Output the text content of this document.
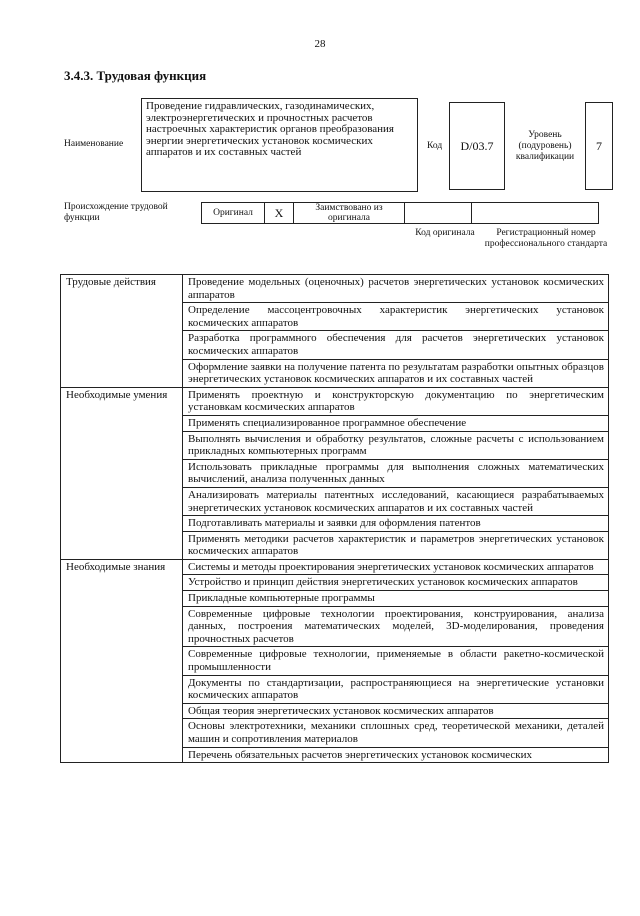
28
3.4.3. Трудовая функция
Наименование
Проведение гидравлических, газодинамических, электроэнергетических и прочностных расчетов настроечных характеристик органов преобразования энергии энергетических установок космических аппаратов и их составных частей
Код	D/03.7
Уровень (подуровень) квалификации
7
Происхождение трудовой функции	Оригинал	X	Заимствовано из оригинала		
Код оригинала	Регистрационный номер профессионального стандарта
Трудовые действия	Проведение модельных (оценочных) расчетов энергетических установок космических аппаратов
	Определение массоцентровочных характеристик энергетических установок космических аппаратов
	Разработка программного обеспечения для расчетов энергетических установок космических аппаратов
	Оформление заявки на получение патента по результатам разработки опытных образцов энергетических установок космических аппаратов и их составных частей
Необходимые умения	Применять проектную и конструкторскую документацию по энергетическим установкам космических аппаратов
	Применять специализированное программное обеспечение
	Выполнять вычисления и обработку результатов, сложные расчеты с использованием прикладных компьютерных программ
	Использовать прикладные программы для выполнения сложных математических вычислений, анализа полученных данных
	Анализировать материалы патентных исследований, касающиеся разрабатываемых энергетических установок космических аппаратов и их составных частей
	Подготавливать материалы и заявки для оформления патентов
	Применять методики расчетов характеристик и параметров энергетических установок космических аппаратов
Необходимые знания	Системы и методы проектирования энергетических установок космических аппаратов
	Устройство и принцип действия энергетических установок космических аппаратов
	Прикладные компьютерные программы
	Современные цифровые технологии проектирования, конструирования, анализа данных, построения математических моделей, 3D-моделирования, проведения прочностных расчетов
	Современные цифровые технологии, применяемые в области ракетно-космической промышленности
	Документы по стандартизации, распространяющиеся на энергетические установки космических аппаратов
	Общая теория энергетических установок космических аппаратов
	Основы электротехники, механики сплошных сред, теоретической механики, деталей машин и сопротивления материалов
	Перечень обязательных расчетов энергетических установок космических
